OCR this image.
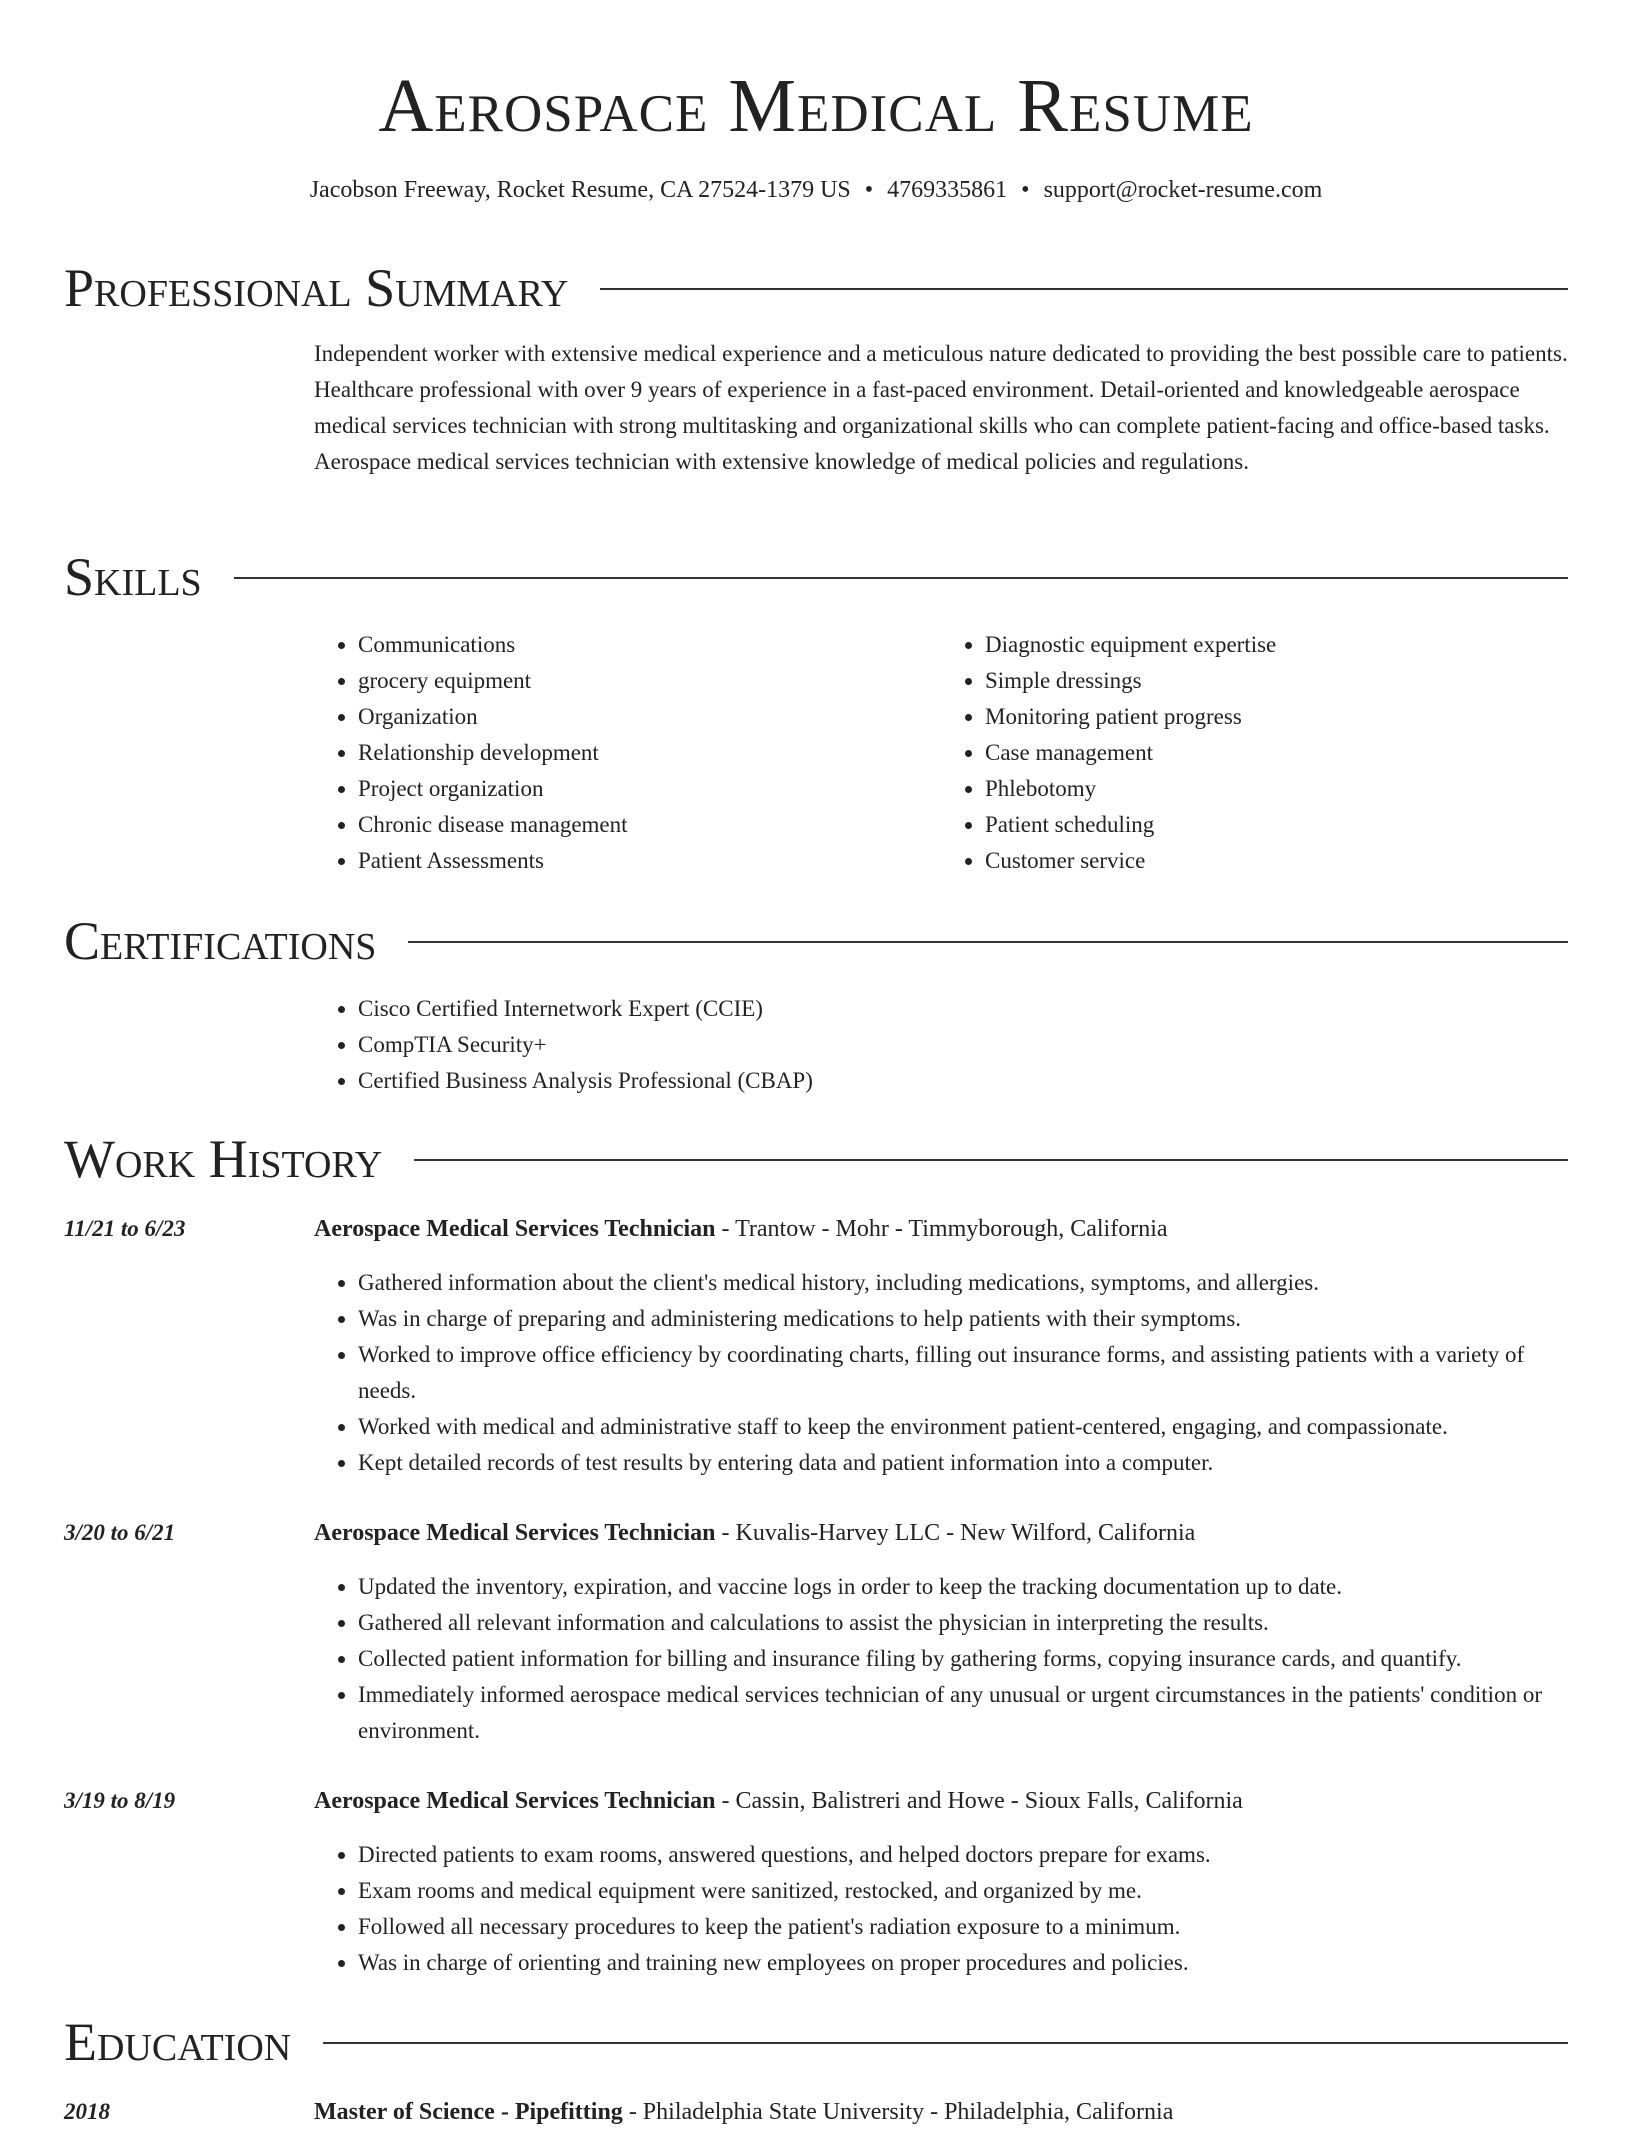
Aerospace Medical Resume
Jacobson Freeway, Rocket Resume, CA 27524-1379 US • 4769335861 • support@rocket-resume.com
Professional Summary
Independent worker with extensive medical experience and a meticulous nature dedicated to providing the best possible care to patients. Healthcare professional with over 9 years of experience in a fast-paced environment. Detail-oriented and knowledgeable aerospace medical services technician with strong multitasking and organizational skills who can complete patient-facing and office-based tasks. Aerospace medical services technician with extensive knowledge of medical policies and regulations.
Skills
• Communications
• grocery equipment
• Organization
• Relationship development
• Project organization
• Chronic disease management
• Patient Assessments
• Diagnostic equipment expertise
• Simple dressings
• Monitoring patient progress
• Case management
• Phlebotomy
• Patient scheduling
• Customer service
Certifications
• Cisco Certified Internetwork Expert (CCIE)
• CompTIA Security+
• Certified Business Analysis Professional (CBAP)
Work History
11/21 to 6/23	Aerospace Medical Services Technician - Trantow - Mohr - Timmyborough, California
• Gathered information about the client's medical history, including medications, symptoms, and allergies.
• Was in charge of preparing and administering medications to help patients with their symptoms.
• Worked to improve office efficiency by coordinating charts, filling out insurance forms, and assisting patients with a variety of needs.
• Worked with medical and administrative staff to keep the environment patient-centered, engaging, and compassionate.
• Kept detailed records of test results by entering data and patient information into a computer.
3/20 to 6/21	Aerospace Medical Services Technician - Kuvalis-Harvey LLC - New Wilford, California
• Updated the inventory, expiration, and vaccine logs in order to keep the tracking documentation up to date.
• Gathered all relevant information and calculations to assist the physician in interpreting the results.
• Collected patient information for billing and insurance filing by gathering forms, copying insurance cards, and quantify.
• Immediately informed aerospace medical services technician of any unusual or urgent circumstances in the patients' condition or environment.
3/19 to 8/19	Aerospace Medical Services Technician - Cassin, Balistreri and Howe - Sioux Falls, California
• Directed patients to exam rooms, answered questions, and helped doctors prepare for exams.
• Exam rooms and medical equipment were sanitized, restocked, and organized by me.
• Followed all necessary procedures to keep the patient's radiation exposure to a minimum.
• Was in charge of orienting and training new employees on proper procedures and policies.
Education
2018	Master of Science - Pipefitting - Philadelphia State University - Philadelphia, California
